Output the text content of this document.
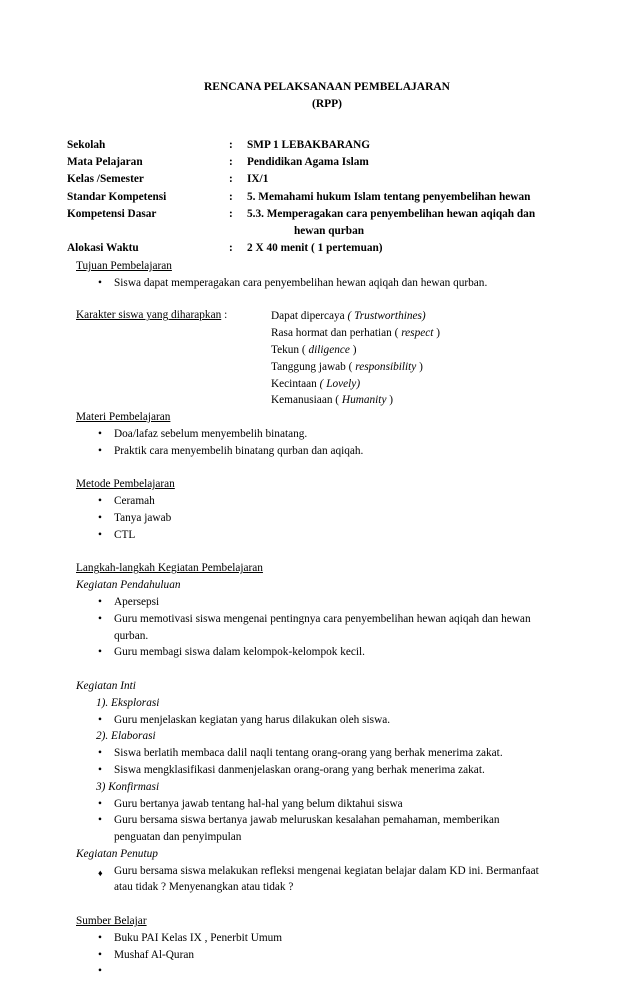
RENCANA PELAKSANAAN PEMBELAJARAN
(RPP)
Sekolah	:	SMP 1 LEBAKBARANG
Mata Pelajaran	:	Pendidikan Agama Islam
Kelas /Semester	:	IX/1
Standar Kompetensi	:	5. Memahami hukum Islam tentang penyembelihan hewan
Kompetensi Dasar	:	5.3. Memperagakan cara penyembelihan hewan aqiqah dan
hewan qurban
Alokasi Waktu	:	2 X 40 menit ( 1 pertemuan)
Tujuan Pembelajaran
• Siswa dapat memperagakan cara penyembelihan hewan aqiqah dan hewan qurban.
Karakter siswa yang diharapkan :	Dapat dipercaya ( Trustworthines)
Rasa hormat dan perhatian ( respect )
Tekun ( diligence )
Tanggung jawab ( responsibility )
Kecintaan ( Lovely)
Kemanusiaan ( Humanity )
Materi Pembelajaran
• Doa/lafaz sebelum menyembelih binatang.
• Praktik cara menyembelih binatang qurban dan aqiqah.
Metode Pembelajaran
• Ceramah
• Tanya jawab
• CTL
Langkah-langkah Kegiatan Pembelajaran
Kegiatan Pendahuluan
• Apersepsi
• Guru memotivasi siswa mengenai pentingnya cara penyembelihan hewan aqiqah dan hewan
qurban.
• Guru membagi siswa dalam kelompok-kelompok kecil.
Kegiatan Inti
1). Eksplorasi
• Guru menjelaskan kegiatan yang harus dilakukan oleh siswa.
2). Elaborasi
• Siswa berlatih membaca dalil naqli tentang orang-orang yang berhak menerima zakat.
• Siswa mengklasifikasi danmenjelaskan orang-orang yang berhak menerima zakat.
3) Konfirmasi
• Guru bertanya jawab tentang hal-hal yang belum diktahui siswa
• Guru bersama siswa bertanya jawab meluruskan kesalahan pemahaman, memberikan
penguatan dan penyimpulan
Kegiatan Penutup
♦ Guru bersama siswa melakukan refleksi mengenai kegiatan belajar dalam KD ini. Bermanfaat
atau tidak ? Menyenangkan atau tidak ?
Sumber Belajar
• Buku PAI Kelas IX , Penerbit Umum
• Mushaf Al-Quran
•
